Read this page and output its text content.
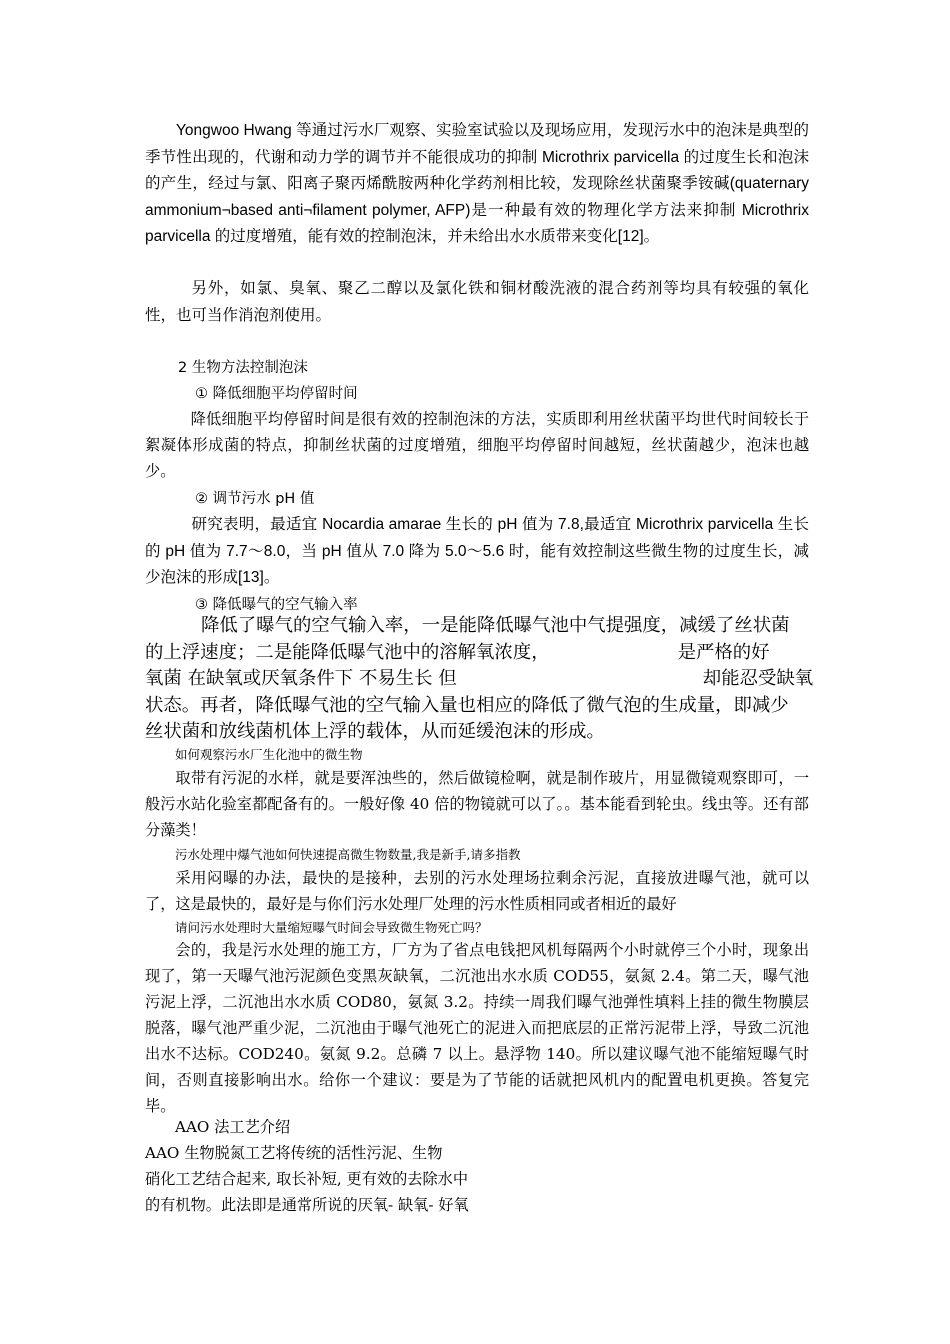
Yongwoo Hwang 等通过污水厂观察、实验室试验以及现场应用，发现污水中的泡沫是典型的季节性出现的，代谢和动力学的调节并不能很成功的抑制 Microthrix parvicella 的过度生长和泡沫的产生，经过与氯、阳离子聚丙烯酰胺两种化学药剂相比较，发现除丝状菌聚季铵碱(quaternary ammonium¬based anti¬filament polymer, AFP)是一种最有效的物理化学方法来抑制 Microthrix parvicella 的过度增殖，能有效的控制泡沫，并未给出水水质带来变化[12]。

另外，如氯、臭氧、聚乙二醇以及氯化铁和铜材酸洗液的混合药剂等均具有较强的氧化性，也可当作消泡剂使用。

2 生物方法控制泡沫
① 降低细胞平均停留时间

降低细胞平均停留时间是很有效的控制泡沫的方法，实质即利用丝状菌平均世代时间较长于絮凝体形成菌的特点，抑制丝状菌的过度增殖，细胞平均停留时间越短，丝状菌越少，泡沫也越少。

② 调节污水 pH 值

研究表明，最适宜 Nocardia amarae 生长的 pH 值为 7.8,最适宜 Microthrix parvicella 生长的 pH 值为 7.7～8.0，当 pH 值从 7.0 降为 5.0～5.6 时，能有效控制这些微生物的过度生长，减少泡沫的形成[13]。

③ 降低曝气的空气输入率
降低了曝气的空气输入率，一是能降低曝气池中气提强度，减缓了丝状菌
的上浮速度；二是能降低曝气池中的溶解氧浓度，	是严格的好
氧菌 在缺氧或厌氧条件下 不易生长 但	却能忍受缺氧
状态。再者，降低曝气池的空气输入量也相应的降低了微气泡的生成量，即减少
丝状菌和放线菌机体上浮的载体，从而延缓泡沫的形成。
如何观察污水厂生化池中的微生物

取带有污泥的水样，就是要浑浊些的，然后做镜检啊，就是制作玻片，用显微镜观察即可，一般污水站化验室都配备有的。一般好像 40 倍的物镜就可以了。。基本能看到轮虫。线虫等。还有部分藻类！

污水处理中爆气池如何快速提高微生物数量,我是新手,请多指教

采用闷曝的办法，最快的是接种，去别的污水处理场拉剩余污泥，直接放进曝气池，就可以了，这是最快的，最好是与你们污水处理厂处理的污水性质相同或者相近的最好

请问污水处理时大量缩短曝气时间会导致微生物死亡吗？

会的，我是污水处理的施工方，厂方为了省点电钱把风机每隔两个小时就停三个小时，现象出现了，第一天曝气池污泥颜色变黑灰缺氧，二沉池出水水质 COD55，氨氮 2.4。第二天，曝气池污泥上浮，二沉池出水水质 COD80，氨氮 3.2。持续一周我们曝气池弹性填料上挂的微生物膜层脱落，曝气池严重少泥，二沉池由于曝气池死亡的泥进入而把底层的正常污泥带上浮，导致二沉池出水不达标。COD240。氨氮 9.2。总磷 7 以上。悬浮物 140。所以建议曝气池不能缩短曝气时间，否则直接影响出水。给你一个建议：要是为了节能的话就把风机内的配置电机更换。答复完毕。

AAO 法工艺介绍
AAO 生物脱氮工艺将传统的活性污泥、生物
硝化工艺结合起来, 取长补短, 更有效的去除水中
的有机物。此法即是通常所说的厌氧- 缺氧- 好氧
